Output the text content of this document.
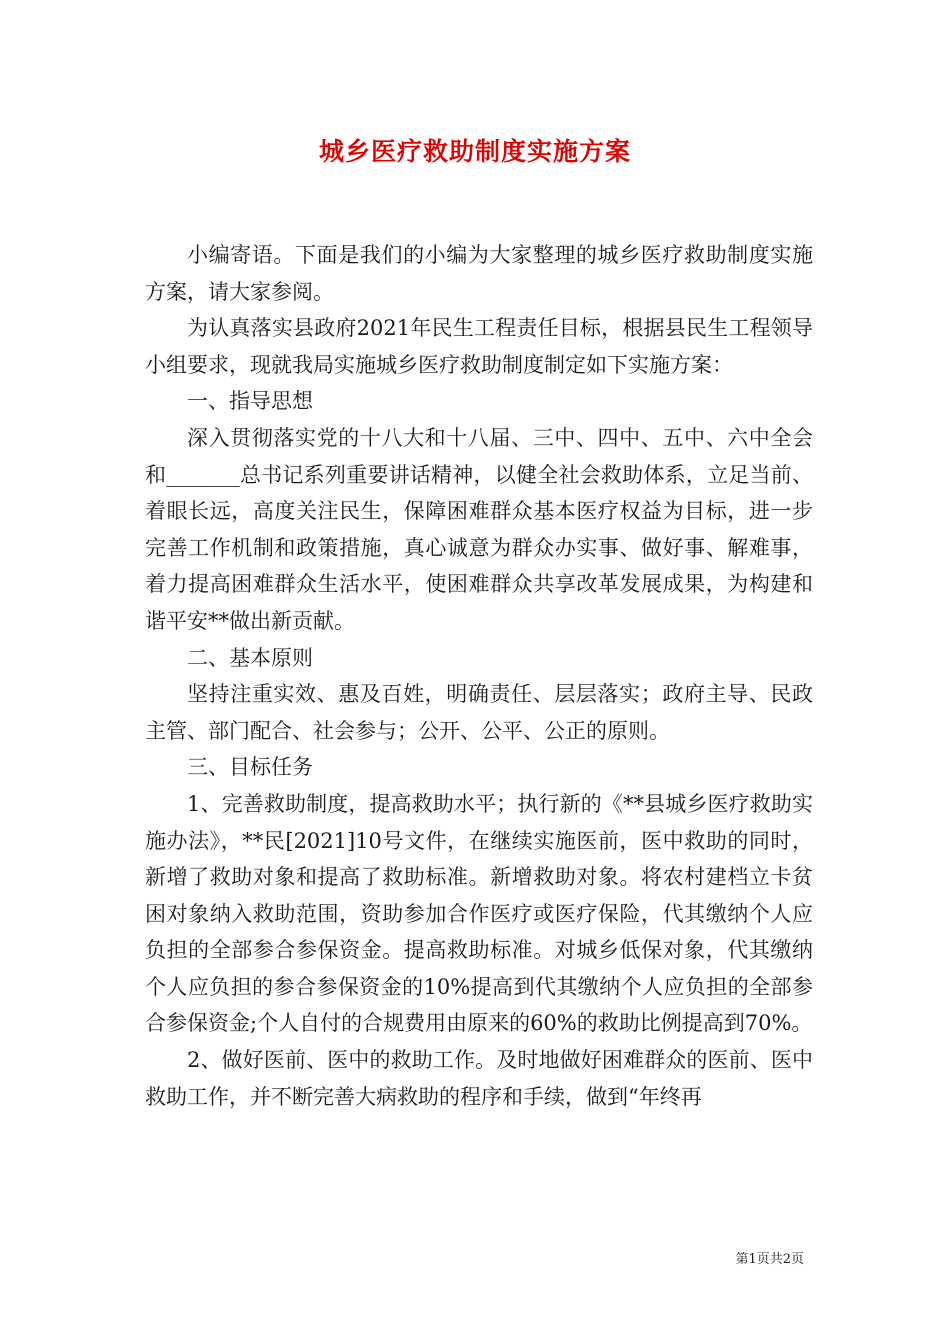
城乡医疗救助制度实施方案

小编寄语。下面是我们的小编为大家整理的城乡医疗救助制度实施方案，请大家参阅。

为认真落实县政府2021年民生工程责任目标，根据县民生工程领导小组要求，现就我局实施城乡医疗救助制度制定如下实施方案：

一、指导思想

深入贯彻落实党的十八大和十八届、三中、四中、五中、六中全会和_______总书记系列重要讲话精神，以健全社会救助体系，立足当前、着眼长远，高度关注民生，保障困难群众基本医疗权益为目标，进一步完善工作机制和政策措施，真心诚意为群众办实事、做好事、解难事，着力提高困难群众生活水平，使困难群众共享改革发展成果，为构建和谐平安**做出新贡献。

二、基本原则

坚持注重实效、惠及百姓，明确责任、层层落实；政府主导、民政主管、部门配合、社会参与；公开、公平、公正的原则。

三、目标任务

1、完善救助制度，提高救助水平；执行新的《**县城乡医疗救助实施办法》，**民[2021]10号文件，在继续实施医前，医中救助的同时，新增了救助对象和提高了救助标准。新增救助对象。将农村建档立卡贫困对象纳入救助范围，资助参加合作医疗或医疗保险，代其缴纳个人应负担的全部参合参保资金。提高救助标准。对城乡低保对象，代其缴纳个人应负担的参合参保资金的10%提高到代其缴纳个人应负担的全部参合参保资金;个人自付的合规费用由原来的60%的救助比例提高到70%。

2、做好医前、医中的救助工作。及时地做好困难群众的医前、医中救助工作，并不断完善大病救助的程序和手续，做到“年终再

第1页共2页
